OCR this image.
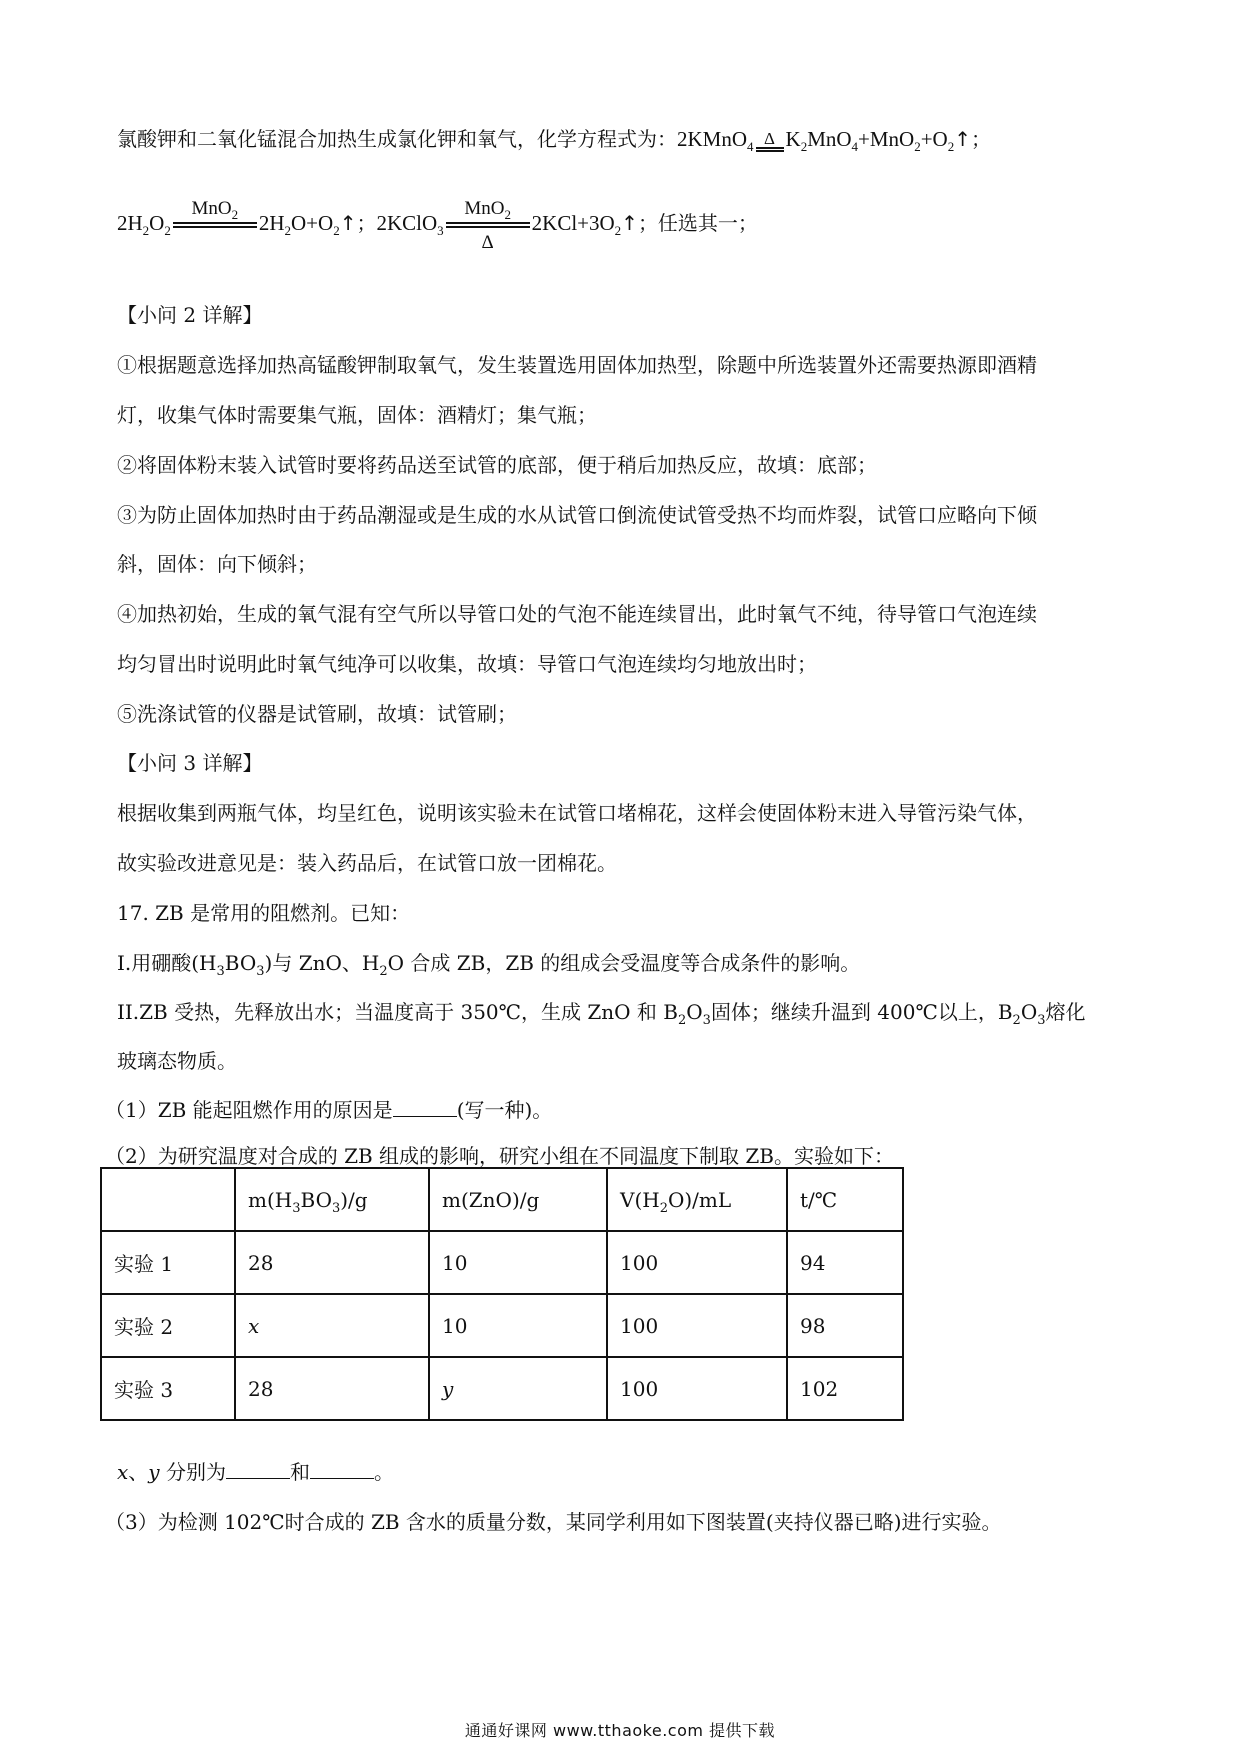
氯酸钾和二氧化锰混合加热生成氯化钾和氧气，化学方程式为：2KMnO$_4$ Δ $K_2MnO_4+MnO_2+O_2↑$；
$2H_2O_2$
MnO$_2$ $2H_2O+O_2↑$；2KClO$_3$
MnO$_2$
Δ
$2KCl+3O_2↑$；任选其一；
【小问 2 详解】
①根据题意选择加热高锰酸钾制取氧气，发生装置选用固体加热型，除题中所选装置外还需要热源即酒精
灯，收集气体时需要集气瓶，固体：酒精灯；集气瓶；
②将固体粉末装入试管时要将药品送至试管的底部，便于稍后加热反应，故填：底部；
③为防止固体加热时由于药品潮湿或是生成的水从试管口倒流使试管受热不均而炸裂，试管口应略向下倾
斜，固体：向下倾斜；
④加热初始，生成的氧气混有空气所以导管口处的气泡不能连续冒出，此时氧气不纯，待导管口气泡连续
均匀冒出时说明此时氧气纯净可以收集，故填：导管口气泡连续均匀地放出时；
⑤洗涤试管的仪器是试管刷，故填：试管刷；
【小问 3 详解】
根据收集到两瓶气体，均呈红色，说明该实验未在试管口堵棉花，这样会使固体粉末进入导管污染气体，
故实验改进意见是：装入药品后，在试管口放一团棉花。
17. ZB 是常用的阻燃剂。已知：
I.用硼酸$(H_3BO_3)$与 ZnO、$H_2O$ 合成 ZB，ZB 的组成会受温度等合成条件的影响。
II.ZB 受热，先释放出水；当温度高于 350℃，生成 ZnO 和 $B_2O_3$固体；继续升温到 400℃以上，$B_2O_3$熔化
玻璃态物质。
（1）ZB 能起阻燃作用的原因是	(写一种)。
（2）为研究温度对合成的 ZB 组成的影响，研究小组在不同温度下制取 ZB。实验如下：
	$m(H_3BO_3)/g$	m(ZnO)/g	$V(H_2O)/mL$	t/℃
实验 1	28	10	100	94
实验 2	x	10	100	98
实验 3	28	y	100	102
x、y 分别为	和	。
（3）为检测 102℃时合成的 ZB 含水的质量分数，某同学利用如下图装置(夹持仪器已略)进行实验。
通通好课网 www.tthaoke.com 提供下载
